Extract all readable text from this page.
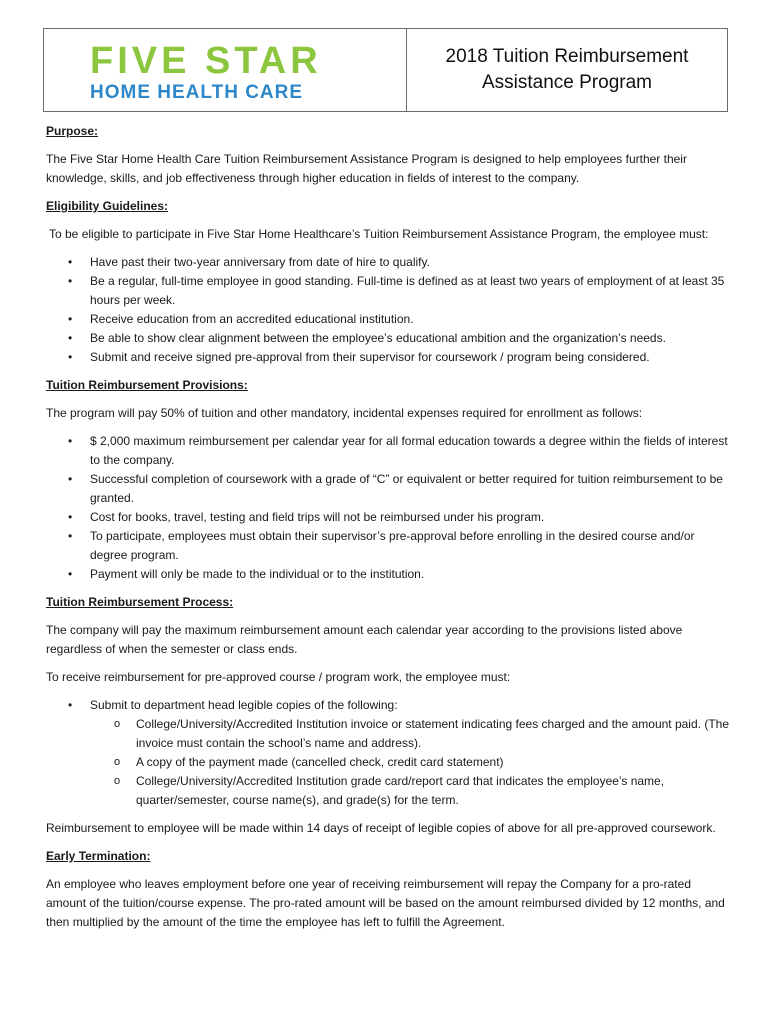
FIVE STAR
HOME HEALTH CARE
2018 Tuition Reimbursement
Assistance Program
Purpose:

The Five Star Home Health Care Tuition Reimbursement Assistance Program is designed to help employees further their knowledge, skills, and job effectiveness through higher education in fields of interest to the company.

Eligibility Guidelines:

To be eligible to participate in Five Star Home Healthcare’s Tuition Reimbursement Assistance Program, the employee must:

• Have past their two-year anniversary from date of hire to qualify.
• Be a regular, full-time employee in good standing. Full-time is defined as at least two years of employment of at least 35 hours per week.
• Receive education from an accredited educational institution.
• Be able to show clear alignment between the employee’s educational ambition and the organization’s needs.
• Submit and receive signed pre-approval from their supervisor for coursework / program being considered.
Tuition Reimbursement Provisions:

The program will pay 50% of tuition and other mandatory, incidental expenses required for enrollment as follows:

• $ 2,000 maximum reimbursement per calendar year for all formal education towards a degree within the fields of interest to the company.
• Successful completion of coursework with a grade of “C” or equivalent or better required for tuition reimbursement to be granted.
• Cost for books, travel, testing and field trips will not be reimbursed under his program.
• To participate, employees must obtain their supervisor’s pre-approval before enrolling in the desired course and/or degree program.
• Payment will only be made to the individual or to the institution.
Tuition Reimbursement Process:

The company will pay the maximum reimbursement amount each calendar year according to the provisions listed above regardless of when the semester or class ends.

To receive reimbursement for pre-approved course / program work, the employee must:

• Submit to department head legible copies of the following:
o College/University/Accredited Institution invoice or statement indicating fees charged and the amount paid. (The invoice must contain the school’s name and address).
o A copy of the payment made (cancelled check, credit card statement)
o College/University/Accredited Institution grade card/report card that indicates the employee’s name, quarter/semester, course name(s), and grade(s) for the term.

Reimbursement to employee will be made within 14 days of receipt of legible copies of above for all pre-approved coursework.

Early Termination:

An employee who leaves employment before one year of receiving reimbursement will repay the Company for a pro-rated amount of the tuition/course expense. The pro-rated amount will be based on the amount reimbursed divided by 12 months, and then multiplied by the amount of the time the employee has left to fulfill the Agreement.
